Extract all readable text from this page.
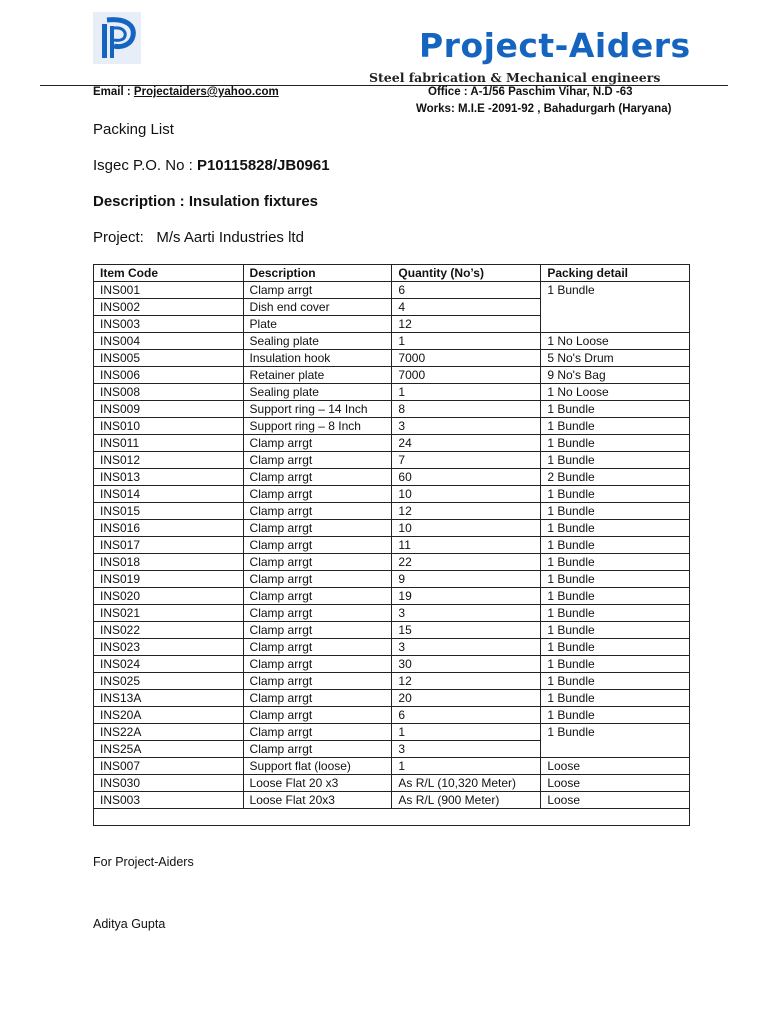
Project-Aiders
Steel fabrication & Mechanical engineers
Email : Projectaiders@yahoo.com	Office : A-1/56 Paschim Vihar, N.D -63
Works: M.I.E -2091-92 , Bahadurgarh (Haryana)
Packing List
Isgec P.O. No : P10115828/JB0961
Description : Insulation fixtures
Project: M/s Aarti Industries ltd
Item Code	Description	Quantity (No’s)	Packing detail
INS001	Clamp arrgt	6	1 Bundle
INS002	Dish end cover	4	
INS003	Plate	12	
INS004	Sealing plate	1	1 No Loose
INS005	Insulation hook	7000	5 No's Drum
INS006	Retainer plate	7000	9 No's Bag
INS008	Sealing plate	1	1 No Loose
INS009	Support ring – 14 Inch	8	1 Bundle
INS010	Support ring – 8 Inch	3	1 Bundle
INS011	Clamp arrgt	24	1 Bundle
INS012	Clamp arrgt	7	1 Bundle
INS013	Clamp arrgt	60	2 Bundle
INS014	Clamp arrgt	10	1 Bundle
INS015	Clamp arrgt	12	1 Bundle
INS016	Clamp arrgt	10	1 Bundle
INS017	Clamp arrgt	11	1 Bundle
INS018	Clamp arrgt	22	1 Bundle
INS019	Clamp arrgt	9	1 Bundle
INS020	Clamp arrgt	19	1 Bundle
INS021	Clamp arrgt	3	1 Bundle
INS022	Clamp arrgt	15	1 Bundle
INS023	Clamp arrgt	3	1 Bundle
INS024	Clamp arrgt	30	1 Bundle
INS025	Clamp arrgt	12	1 Bundle
INS13A	Clamp arrgt	20	1 Bundle
INS20A	Clamp arrgt	6	1 Bundle
INS22A	Clamp arrgt	1	1 Bundle
INS25A	Clamp arrgt	3	
INS007	Support flat (loose)	1	Loose
INS030	Loose Flat 20 x3	As R/L (10,320 Meter)	Loose
INS003	Loose Flat 20x3	As R/L (900 Meter)	Loose

For Project-Aiders
Aditya Gupta
